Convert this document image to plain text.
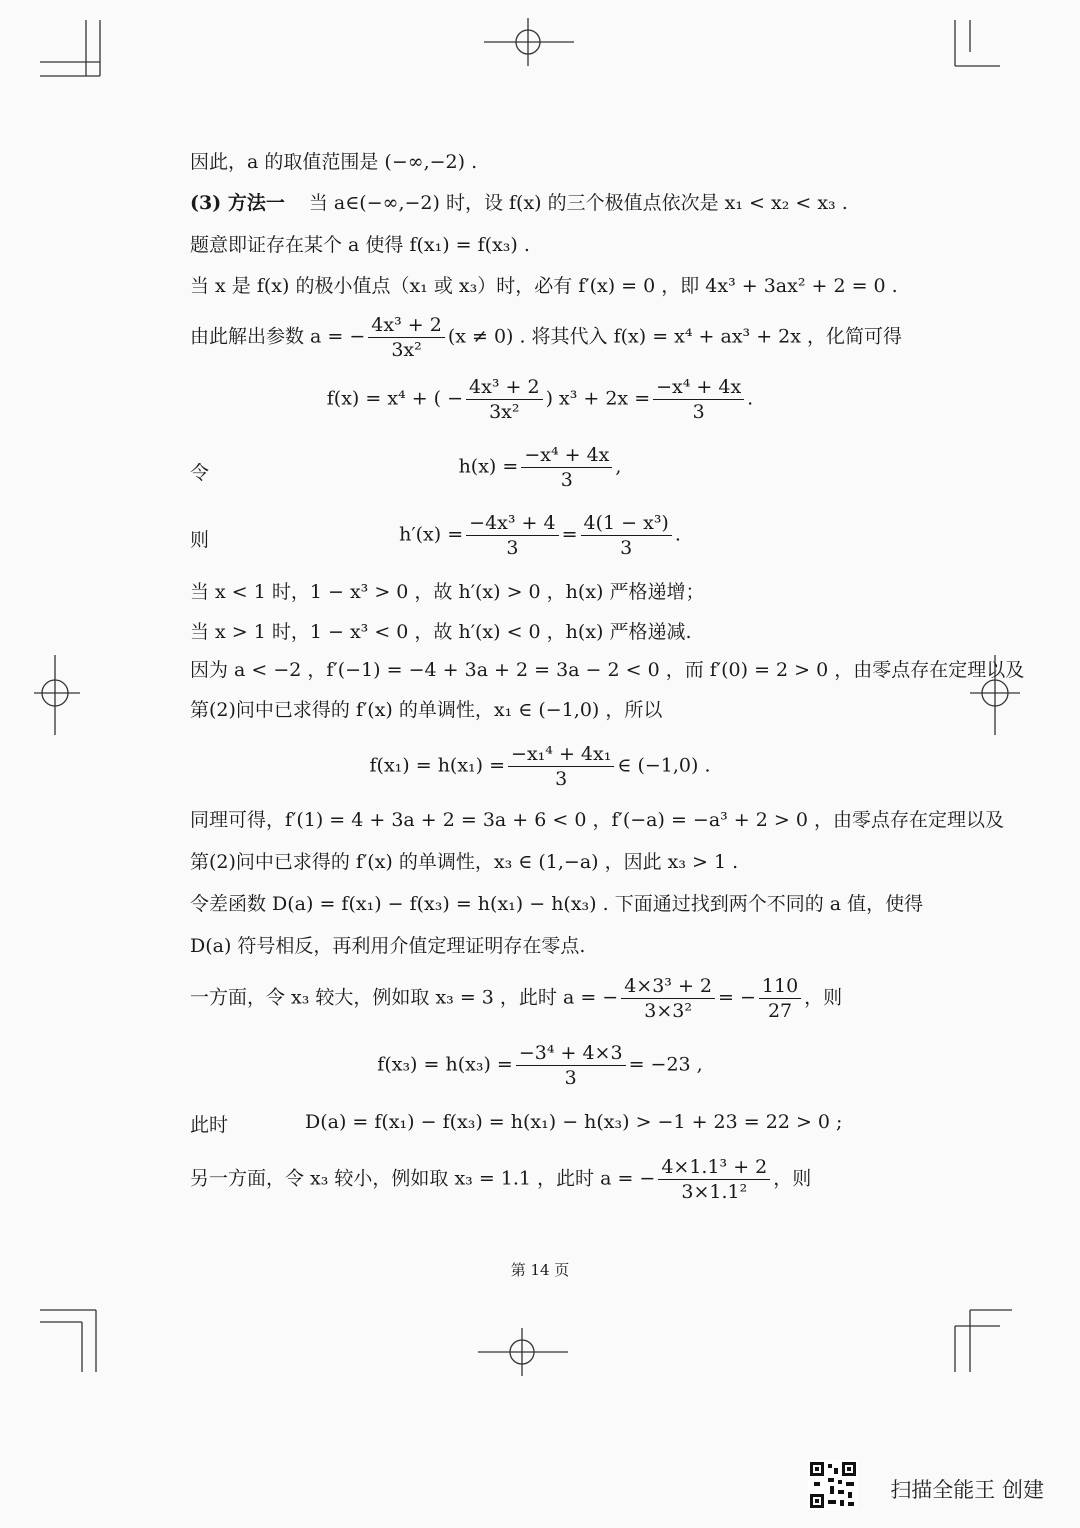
因此，a 的取值范围是 (−∞,−2) .
(3) 方法一 当 a∈(−∞,−2) 时，设 f(x) 的三个极值点依次是 x₁ < x₂ < x₃ .
题意即证存在某个 a 使得 f(x₁) = f(x₃) .
当 x 是 f(x) 的极小值点（x₁ 或 x₃）时，必有 f′(x) = 0 ，即 4x³ + 3ax² + 2 = 0 .
由此解出参数 a = − $\frac{\text{4x³ + 2}}{\text{3x²}} (x \ne 0)$ . 将其代入 f(x) = x⁴ + ax³ + 2x ，化简可得
f(x) = x⁴ + ( − $\frac{\text{4x³ + 2}}{\text{3x²}}$ ) $x^3 + 2x = \frac{\text{−x⁴ + 4x}}{3}$ .
令	$h(x) = \frac{\text{−x⁴ + 4x}}{3}$ ,
则	$h'(x) = \frac{\text{−4x³ + 4}}{3} = \frac{\text{4(1 − x³)}}{3}$ .
当 x < 1 时，1 − x³ > 0 ，故 h′(x) > 0 ，h(x) 严格递增；
当 x > 1 时，1 − x³ < 0 ，故 h′(x) < 0 ，h(x) 严格递减.
因为 a < −2 ，f′(−1) = −4 + 3a + 2 = 3a − 2 < 0 ，而 f′(0) = 2 > 0 ，由零点存在定理以及
第(2)问中已求得的 f′(x) 的单调性，x₁ ∈ (−1,0) ，所以
$f(x_1) = h(x_1) = \frac{\text{−x₁⁴ + 4x₁}}{3}$ ∈ (−1,0) .
同理可得，f′(1) = 4 + 3a + 2 = 3a + 6 < 0 ，f′(−a) = −a³ + 2 > 0 ，由零点存在定理以及
第(2)问中已求得的 f′(x) 的单调性，x₃ ∈ (1,−a) ，因此 x₃ > 1 .
令差函数 D(a) = f(x₁) − f(x₃) = h(x₁) − h(x₃) . 下面通过找到两个不同的 a 值，使得
D(a) 符号相反，再利用介值定理证明存在零点.
一方面，令 x₃ 较大，例如取 x₃ = 3 ，此时 a = − $\frac{\text{4×3³ + 2}}{\text{3×3²}}$ = − $\frac{110}{27}$ ，则
$f(x_3) = h(x_3) = \frac{\text{−3⁴ + 4×3}}{3} = -23$ ,
此时	D(a) = f(x₁) − f(x₃) = h(x₁) − h(x₃) > −1 + 23 = 22 > 0 ;
另一方面，令 x₃ 较小，例如取 x₃ = 1.1 ，此时 a = − $\frac{\text{4×1.1³ + 2}}{\text{3×1.1²}}$ ，则
第 14 页
扫描全能王 创建
